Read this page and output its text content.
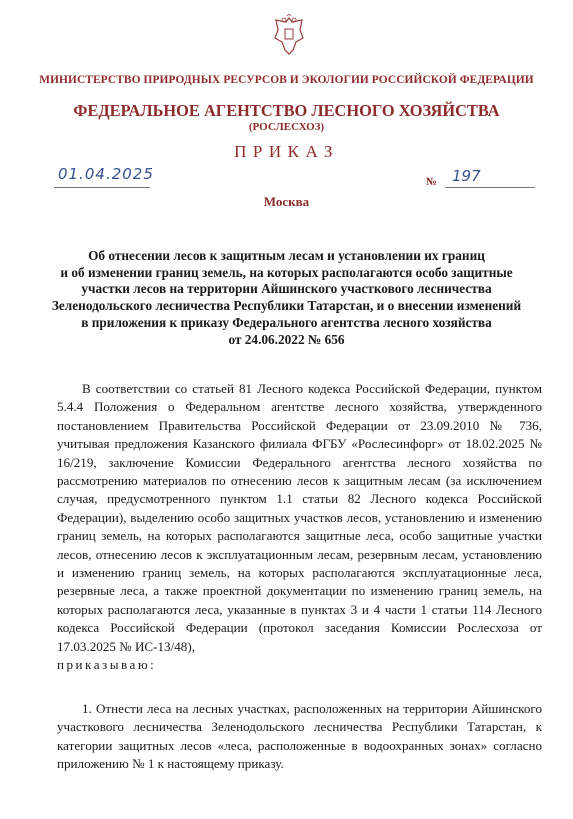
МИНИСТЕРСТВО ПРИРОДНЫХ РЕСУРСОВ И ЭКОЛОГИИ РОССИЙСКОЙ ФЕДЕРАЦИИ
ФЕДЕРАЛЬНОЕ АГЕНТСТВО ЛЕСНОГО ХОЗЯЙСТВА
(РОСЛЕСХОЗ)
ПРИКАЗ
01.04.2025	№ 197
Москва
Об отнесении лесов к защитным лесам и установлении их границ
и об изменении границ земель, на которых располагаются особо защитные
участки лесов на территории Айшинского участкового лесничества
Зеленодольского лесничества Республики Татарстан, и о внесении изменений
в приложения к приказу Федерального агентства лесного хозяйства
от 24.06.2022 № 656
В соответствии со статьей 81 Лесного кодекса Российской Федерации, пунктом 5.4.4 Положения о Федеральном агентстве лесного хозяйства, утвержденного постановлением Правительства Российской Федерации от 23.09.2010 № 736, учитывая предложения Казанского филиала ФГБУ «Рослесинфорг» от 18.02.2025 № 16/219, заключение Комиссии Федерального агентства лесного хозяйства по рассмотрению материалов по отнесению лесов к защитным лесам (за исключением случая, предусмотренного пунктом 1.1 статьи 82 Лесного кодекса Российской Федерации), выделению особо защитных участков лесов, установлению и изменению границ земель, на которых располагаются защитные леса, особо защитные участки лесов, отнесению лесов к эксплуатационным лесам, резервным лесам, установлению и изменению границ земель, на которых располагаются эксплуатационные леса, резервные леса, а также проектной документации по изменению границ земель, на которых располагаются леса, указанные в пунктах 3 и 4 части 1 статьи 114 Лесного кодекса Российской Федерации (протокол заседания Комиссии Рослесхоза от 17.03.2025 № ИС-13/48),
приказываю:
1. Отнести леса на лесных участках, расположенных на территории Айшинского участкового лесничества Зеленодольского лесничества Республики Татарстан, к категории защитных лесов «леса, расположенные в водоохранных зонах» согласно приложению № 1 к настоящему приказу.
